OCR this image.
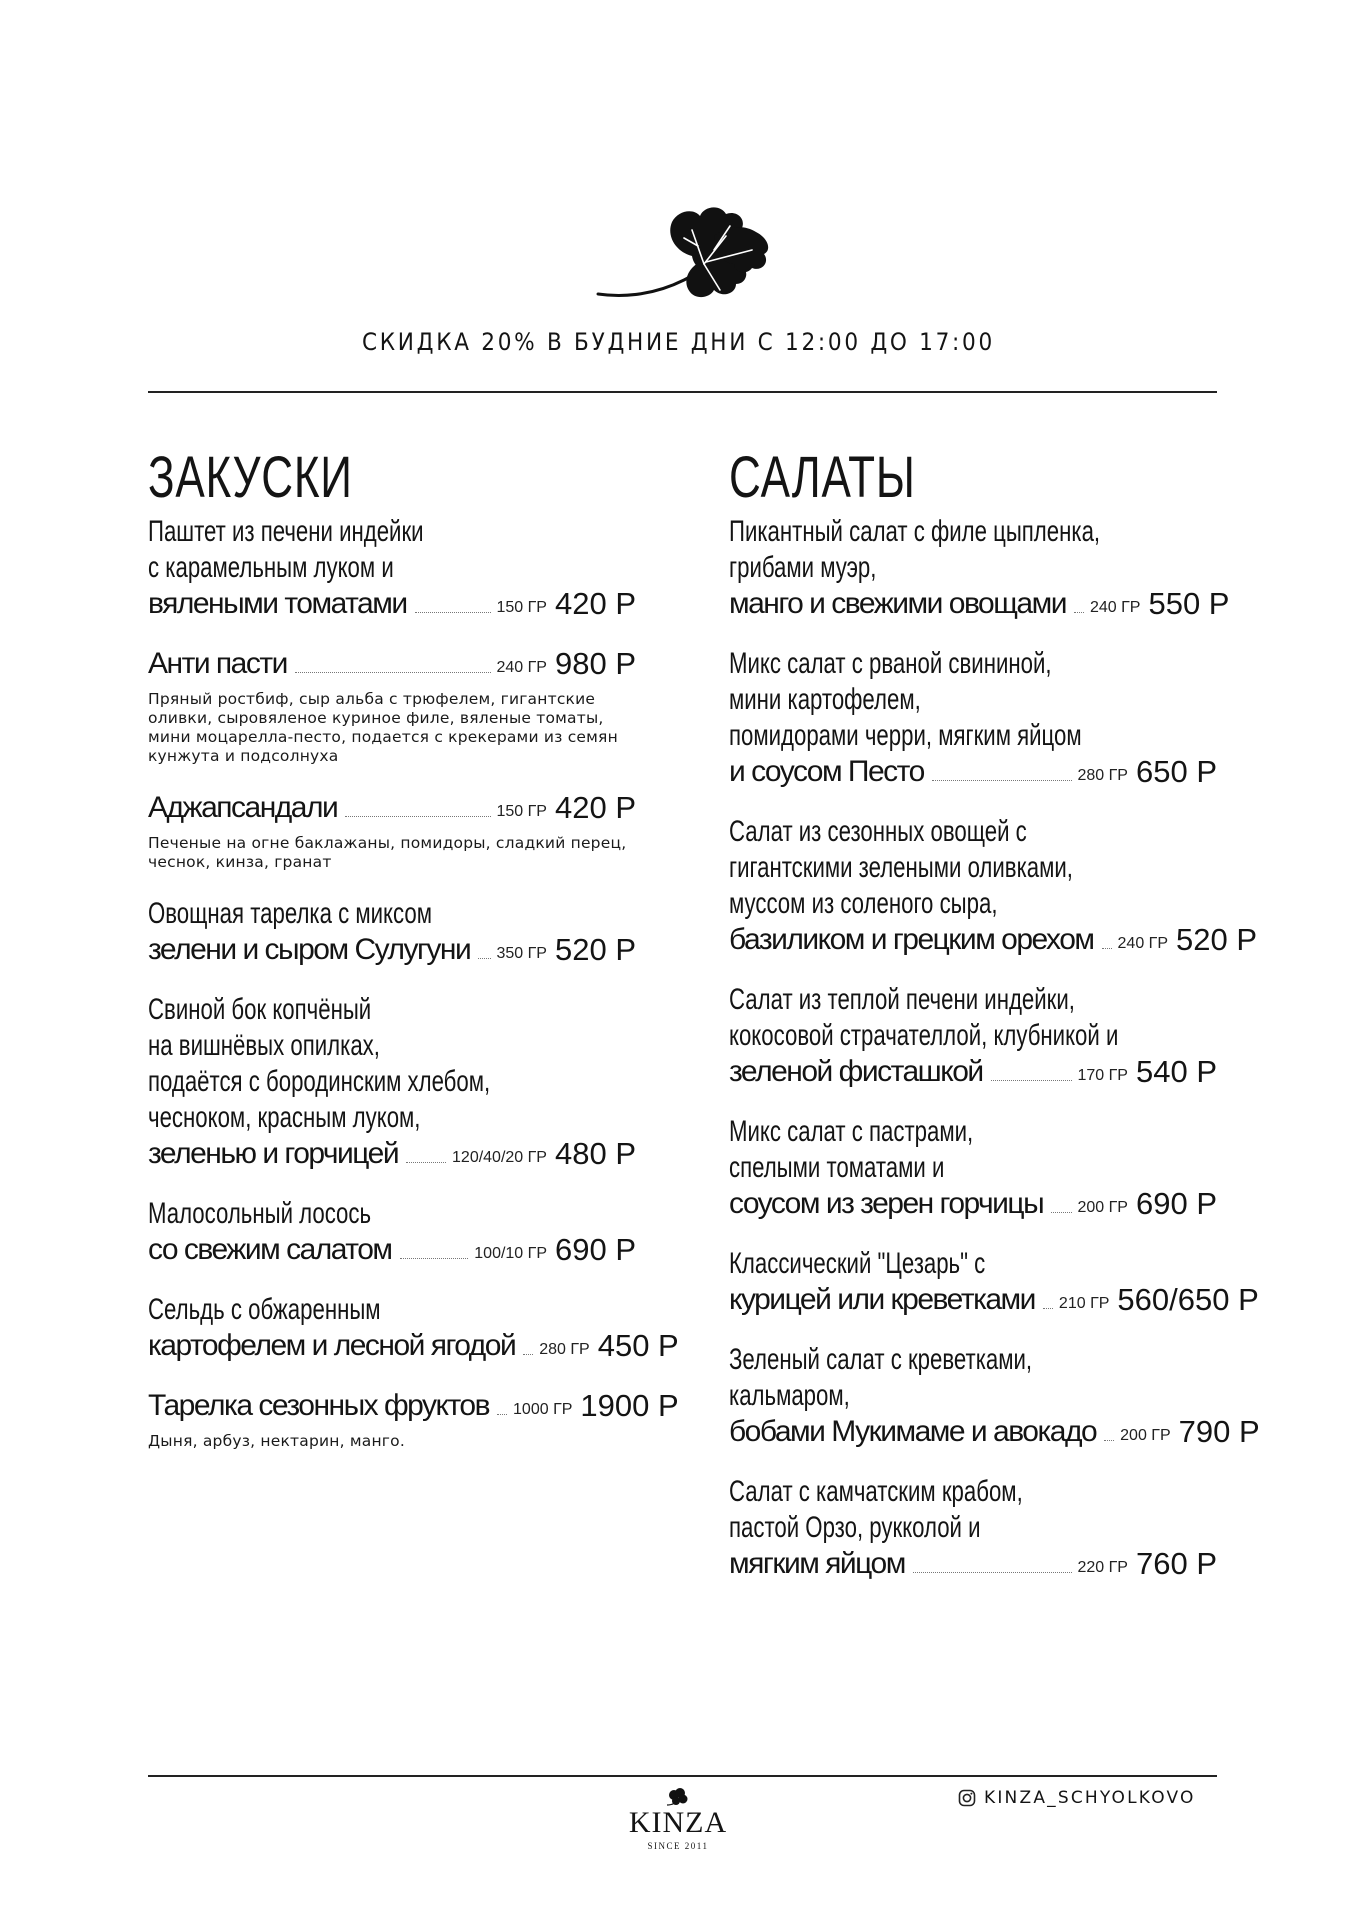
СКИДКА 20% В БУДНИЕ ДНИ С 12:00 ДО 17:00
ЗАКУСКИ
Паштет из печени индейки
с карамельным луком и
вялеными томатами	150 ГР 420 Р
Анти пасти	240 ГР 980 Р
Пряный ростбиф, сыр альба с трюфелем, гигантские оливки, сыровяленое куриное филе, вяленые томаты, мини моцарелла-песто, подается с крекерами из семян кунжута и подсолнуха
Аджапсандали	150 ГР 420 Р
Печеные на огне баклажаны, помидоры, сладкий перец, чеснок, кинза, гранат
Овощная тарелка с миксом
зелени и сыром Сулугуни 350 ГР 520 Р
Свиной бок копчёный
на вишнёвых опилках,
подаётся с бородинским хлебом,
чесноком, красным луком,
зеленью и горчицей	120/40/20 ГР 480 Р
Малосольный лосось
со свежим салатом	100/10 ГР 690 Р
Сельдь с обжаренным
картофелем и лесной ягодой 280 ГР 450 Р
Тарелка сезонных фруктов 1000 ГР 1900 Р
Дыня, арбуз, нектарин, манго.
САЛАТЫ
Пикантный салат с филе цыпленка,
грибами муэр,
манго и свежими овощами 240 ГР 550 Р
Микс салат с рваной свининой,
мини картофелем,
помидорами черри, мягким яйцом
и соусом Песто	280 ГР 650 Р
Салат из сезонных овощей с
гигантскими зелеными оливками,
муссом из соленого сыра,
базиликом и грецким орехом 240 ГР 520 Р
Салат из теплой печени индейки,
кокосовой страчателлой, клубникой и
зеленой фисташкой	170 ГР 540 Р
Микс салат с пастрами,
спелыми томатами и
соусом из зерен горчицы 200 ГР 690 Р
Классический "Цезарь" с
курицей или креветками 210 ГР 560/650 Р
Зеленый салат с креветками,
кальмаром,
бобами Мукимаме и авокадо 200 ГР 790 Р
Салат с камчатским крабом,
пастой Орзо, рукколой и
мягким яйцом	220 ГР 760 Р
KINZA
SINCE 2011
KINZA_SCHYOLKOVO
